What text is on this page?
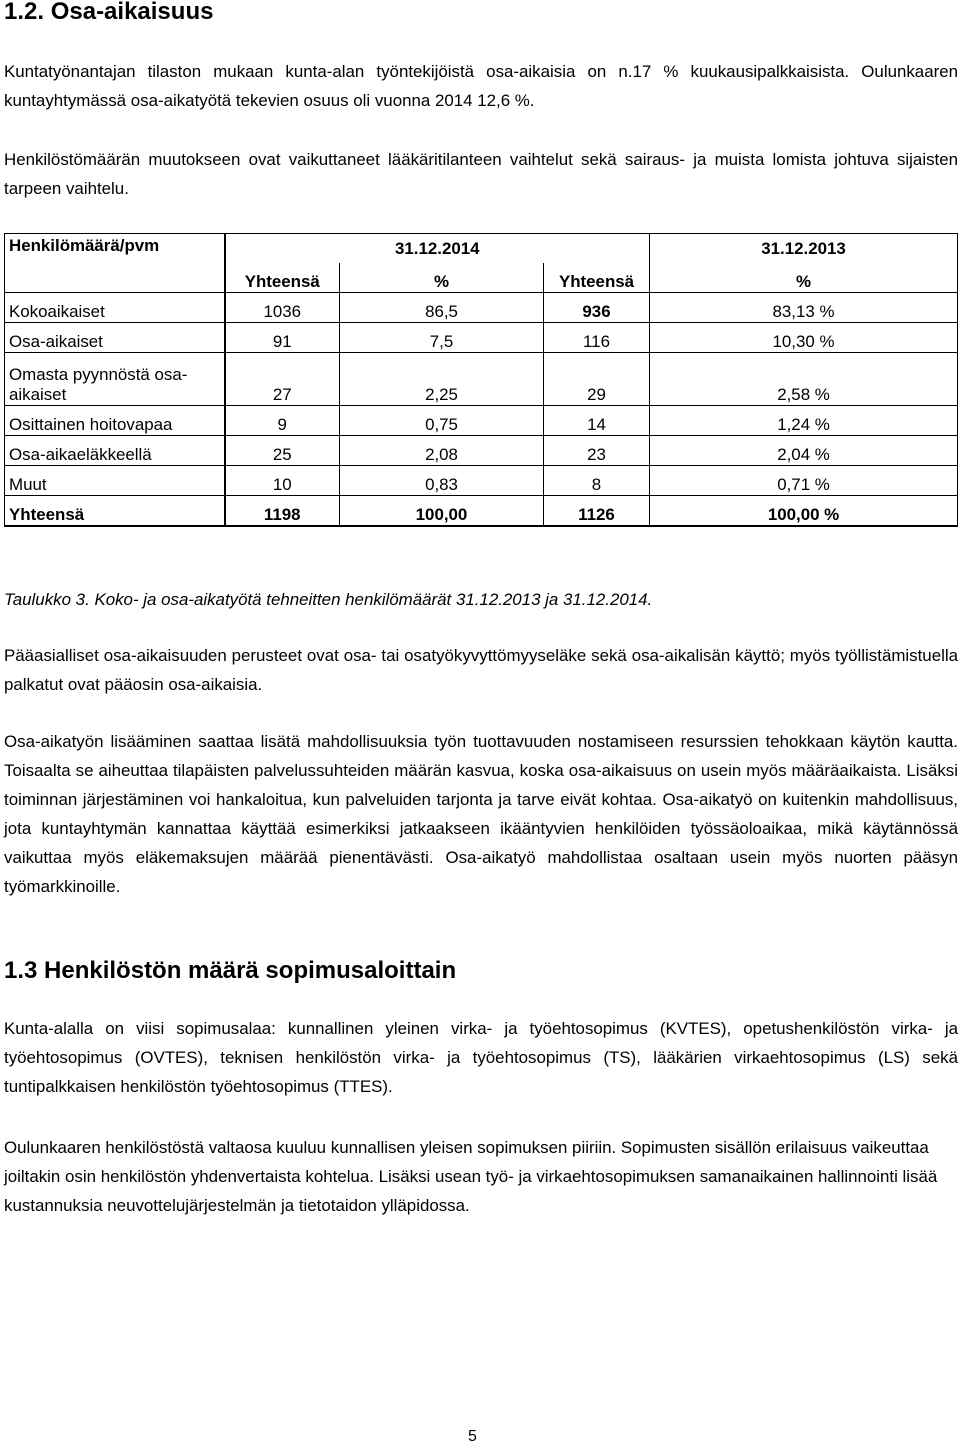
1.2. Osa-aikaisuus

Kuntatyönantajan tilaston mukaan kunta-alan työntekijöistä osa-aikaisia on n.17 % kuukausipalkkaisista. Oulunkaaren kuntayhtymässä osa-aikatyötä tekevien osuus oli vuonna 2014 12,6 %.

Henkilöstömäärän muutokseen ovat vaikuttaneet lääkäritilanteen vaihtelut sekä sairaus- ja muista lomista johtuva sijaisten tarpeen vaihtelu.

Henkilömäärä/pvm	31.12.2014			31.12.2013
	Yhteensä	%	Yhteensä	%
Kokoaikaiset	1036	86,5	936	83,13 %
Osa-aikaiset	91	7,5	116	10,30 %
Omasta pyynnöstä osa-aikaiset	27	2,25	29	2,58 %
Osittainen hoitovapaa	9	0,75	14	1,24 %
Osa-aikaeläkkeellä	25	2,08	23	2,04 %
Muut	10	0,83	8	0,71 %
Yhteensä	1198	100,00	1126	100,00 %

Taulukko 3. Koko- ja osa-aikatyötä tehneitten henkilömäärät 31.12.2013 ja 31.12.2014.

Pääasialliset osa-aikaisuuden perusteet ovat osa- tai osatyökyvyttömyyseläke sekä osa-aikalisän käyttö; myös työllistämistuella palkatut ovat pääosin osa-aikaisia.

Osa-aikatyön lisääminen saattaa lisätä mahdollisuuksia työn tuottavuuden nostamiseen resurssien tehokkaan käytön kautta. Toisaalta se aiheuttaa tilapäisten palvelussuhteiden määrän kasvua, koska osa-aikaisuus on usein myös määräaikaista. Lisäksi toiminnan järjestäminen voi hankaloitua, kun palveluiden tarjonta ja tarve eivät kohtaa. Osa-aikatyö on kuitenkin mahdollisuus, jota kuntayhtymän kannattaa käyttää esimerkiksi jatkaakseen ikääntyvien henkilöiden työssäoloaikaa, mikä käytännössä vaikuttaa myös eläkemaksujen määrää pienentävästi. Osa-aikatyö mahdollistaa osaltaan usein myös nuorten pääsyn työmarkkinoille.

1.3 Henkilöstön määrä sopimusaloittain

Kunta-alalla on viisi sopimusalaa: kunnallinen yleinen virka- ja työehtosopimus (KVTES), opetushenkilöstön virka- ja työehtosopimus (OVTES), teknisen henkilöstön virka- ja työehtosopimus (TS), lääkärien virkaehtosopimus (LS) sekä tuntipalkkaisen henkilöstön työehtosopimus (TTES).

Oulunkaaren henkilöstöstä valtaosa kuuluu kunnallisen yleisen sopimuksen piiriin. Sopimusten sisällön erilaisuus vaikeuttaa joiltakin osin henkilöstön yhdenvertaista kohtelua. Lisäksi usean työ- ja virkaehtosopimuksen samanaikainen hallinnointi lisää kustannuksia neuvottelujärjestelmän ja tietotaidon ylläpidossa.

5
